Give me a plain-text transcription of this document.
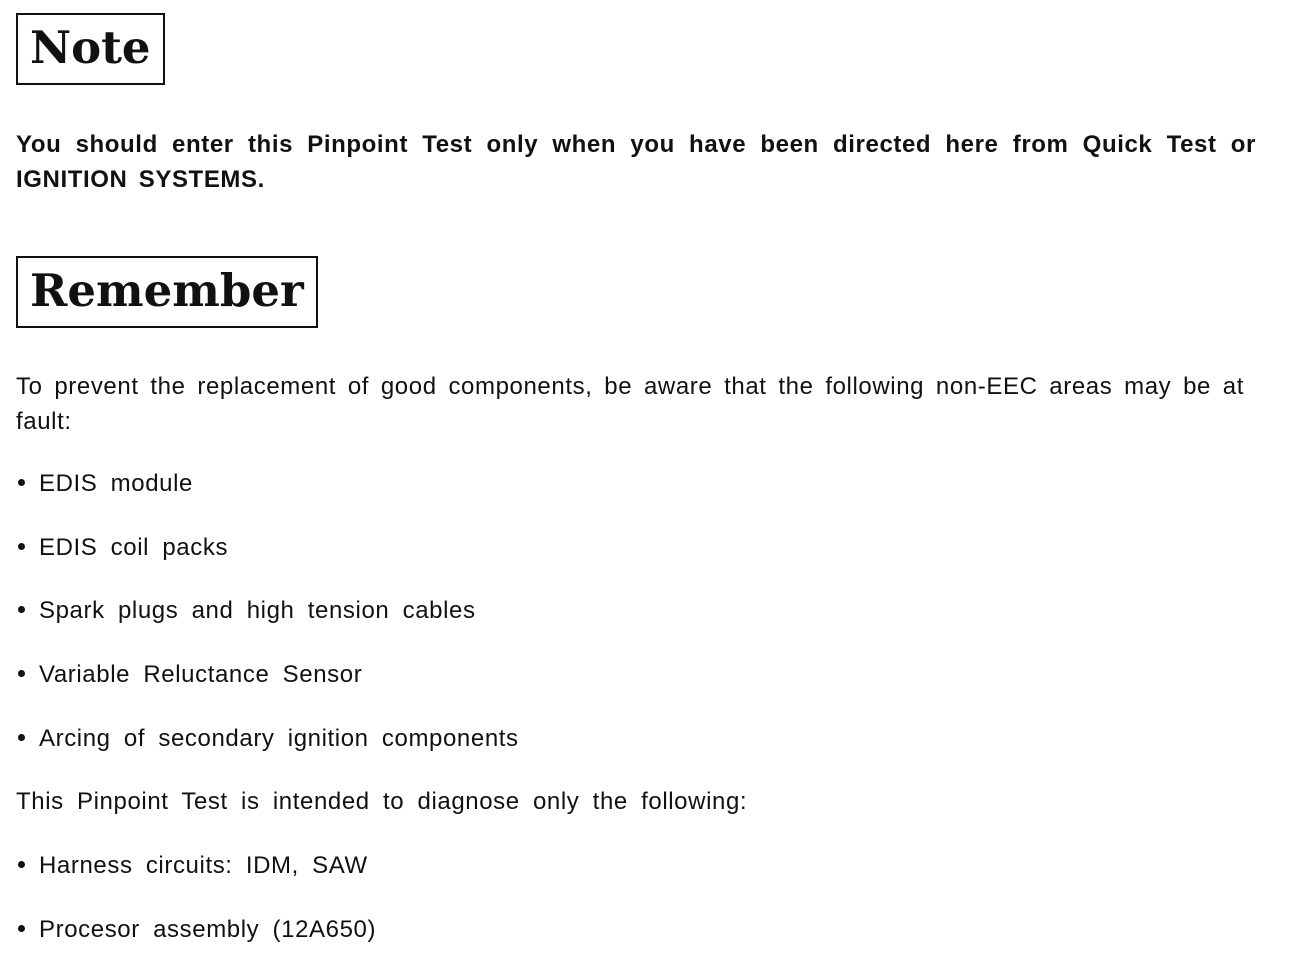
Note

You should enter this Pinpoint Test only when you have been directed here from Quick Test or IGNITION SYSTEMS.

Remember

To prevent the replacement of good components, be aware that the following non-EEC areas may be at fault:

EDIS module
EDIS coil packs
Spark plugs and high tension cables
Variable Reluctance Sensor
Arcing of secondary ignition components

This Pinpoint Test is intended to diagnose only the following:

Harness circuits: IDM, SAW
Procesor assembly (12A650)
